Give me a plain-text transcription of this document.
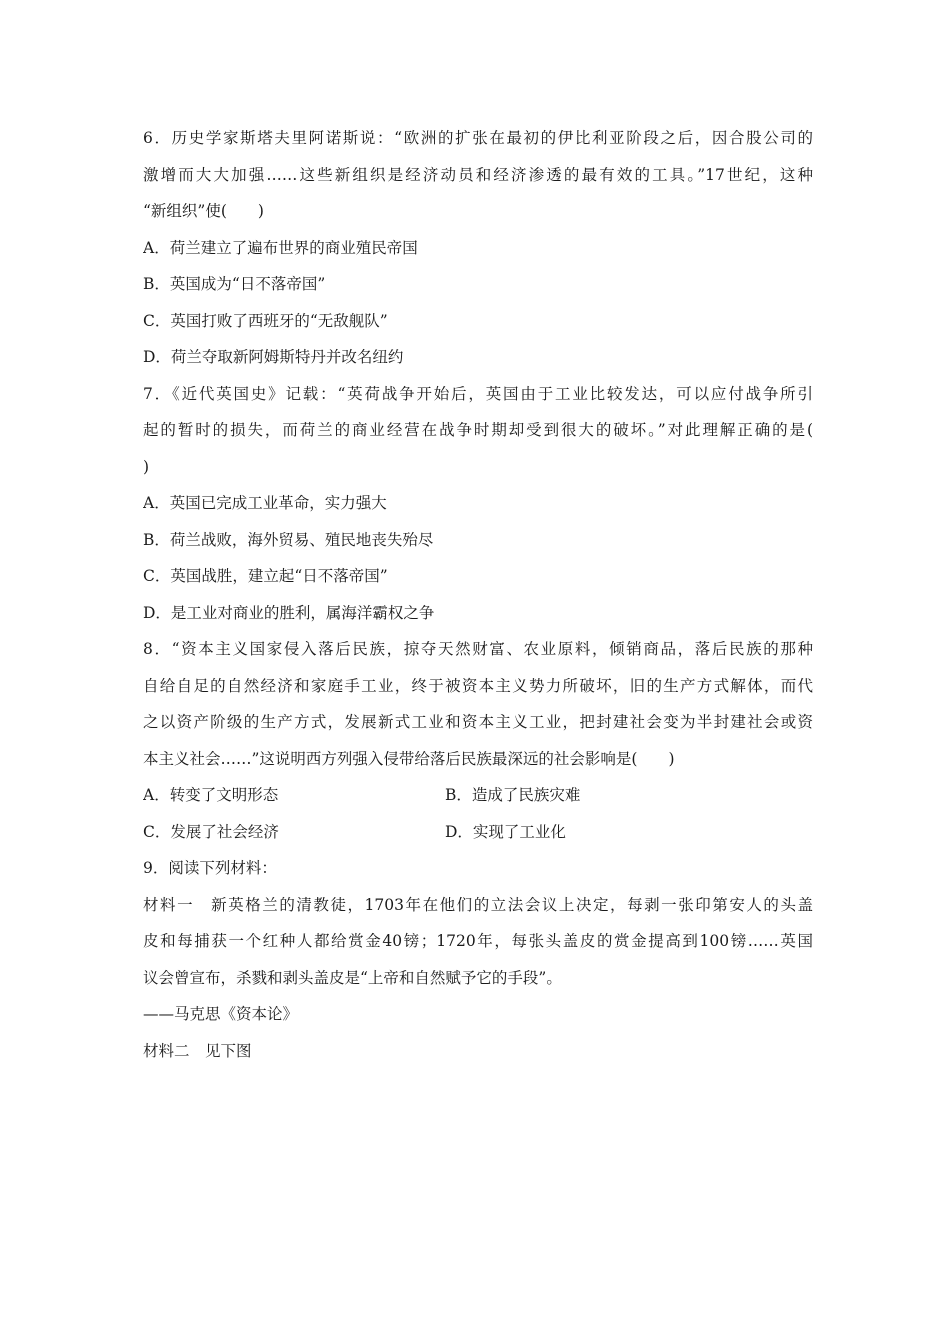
6．历史学家斯塔夫里阿诺斯说：“欧洲的扩张在最初的伊比利亚阶段之后，因合股公司的
激增而大大加强……这些新组织是经济动员和经济渗透的最有效的工具。”17世纪，这种
“新组织”使(　　)
A．荷兰建立了遍布世界的商业殖民帝国
B．英国成为“日不落帝国”
C．英国打败了西班牙的“无敌舰队”
D．荷兰夺取新阿姆斯特丹并改名纽约
7．《近代英国史》记载：“英荷战争开始后，英国由于工业比较发达，可以应付战争所引
起的暂时的损失，而荷兰的商业经营在战争时期却受到很大的破坏。”对此理解正确的是(
)
A．英国已完成工业革命，实力强大
B．荷兰战败，海外贸易、殖民地丧失殆尽
C．英国战胜，建立起“日不落帝国”
D．是工业对商业的胜利，属海洋霸权之争
8．“资本主义国家侵入落后民族，掠夺天然财富、农业原料，倾销商品，落后民族的那种
自给自足的自然经济和家庭手工业，终于被资本主义势力所破坏，旧的生产方式解体，而代
之以资产阶级的生产方式，发展新式工业和资本主义工业，把封建社会变为半封建社会或资
本主义社会……”这说明西方列强入侵带给落后民族最深远的社会影响是(　　)
A．转变了文明形态	B．造成了民族灾难
C．发展了社会经济	D．实现了工业化
9．阅读下列材料：
材料一　新英格兰的清教徒，1703年在他们的立法会议上决定，每剥一张印第安人的头盖
皮和每捕获一个红种人都给赏金40镑；1720年，每张头盖皮的赏金提高到100镑……英国
议会曾宣布，杀戮和剥头盖皮是“上帝和自然赋予它的手段”。
——马克思《资本论》
材料二　见下图
